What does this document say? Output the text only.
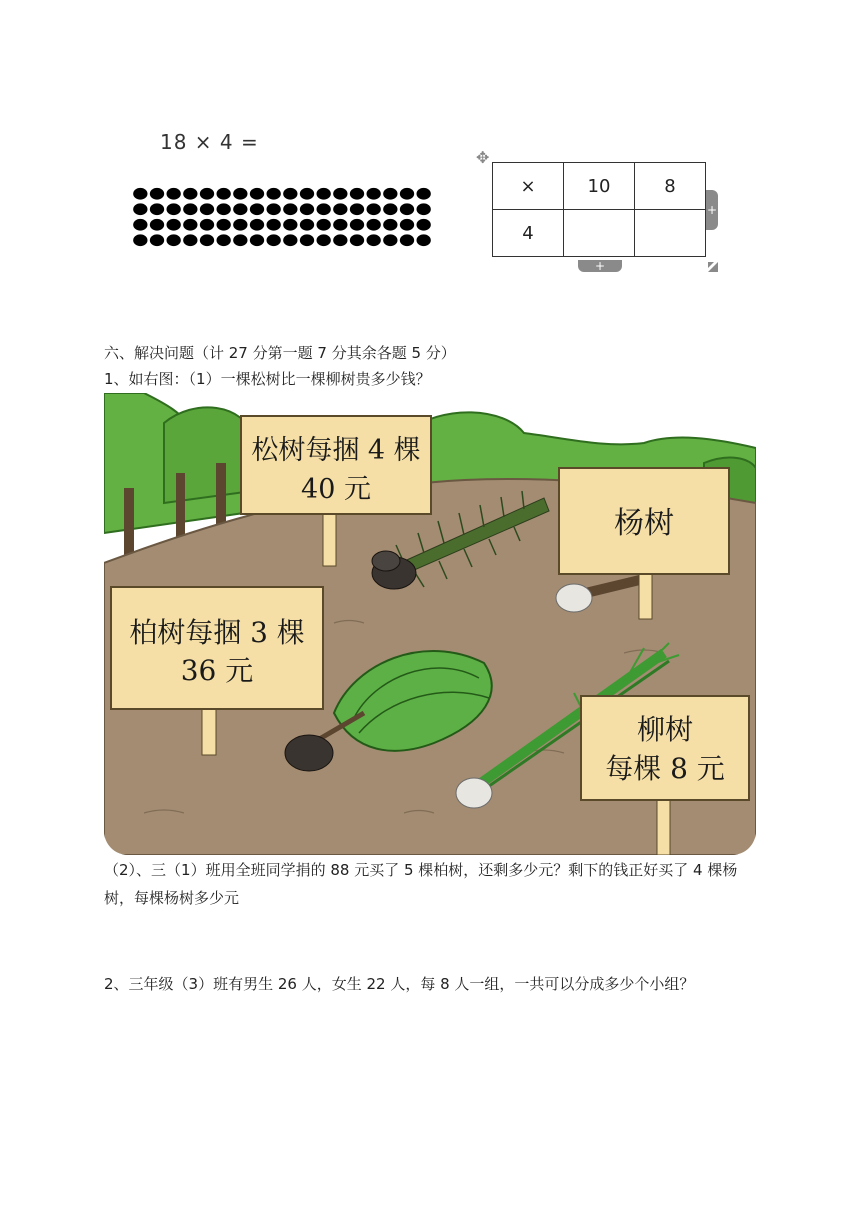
18 × 4 =
✥
×	10	8
4		
+
+
六、解决问题（计 27 分第一题 7 分其余各题 5 分）
1、如右图：（1）一棵松树比一棵柳树贵多少钱？
松树每捆 4 棵
40 元
杨树
柏树每捆 3 棵
36 元
柳树
每棵 8 元
（2）、三（1）班用全班同学捐的 88 元买了 5 棵柏树，还剩多少元？剩下的钱正好买了 4 棵杨树，每棵杨树多少元
2、三年级（3）班有男生 26 人，女生 22 人，每 8 人一组，一共可以分成多少个小组？
